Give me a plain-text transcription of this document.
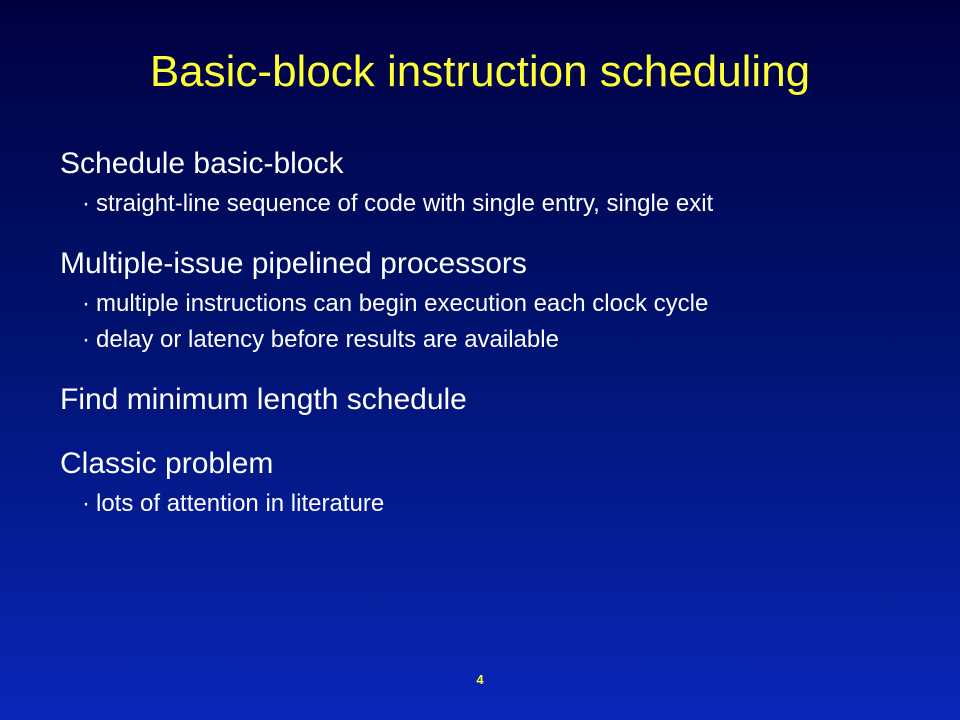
Basic-block instruction scheduling
Schedule basic-block
· straight-line sequence of code with single entry, single exit
Multiple-issue pipelined processors
· multiple instructions can begin execution each clock cycle
· delay or latency before results are available
Find minimum length schedule
Classic problem
· lots of attention in literature
4
